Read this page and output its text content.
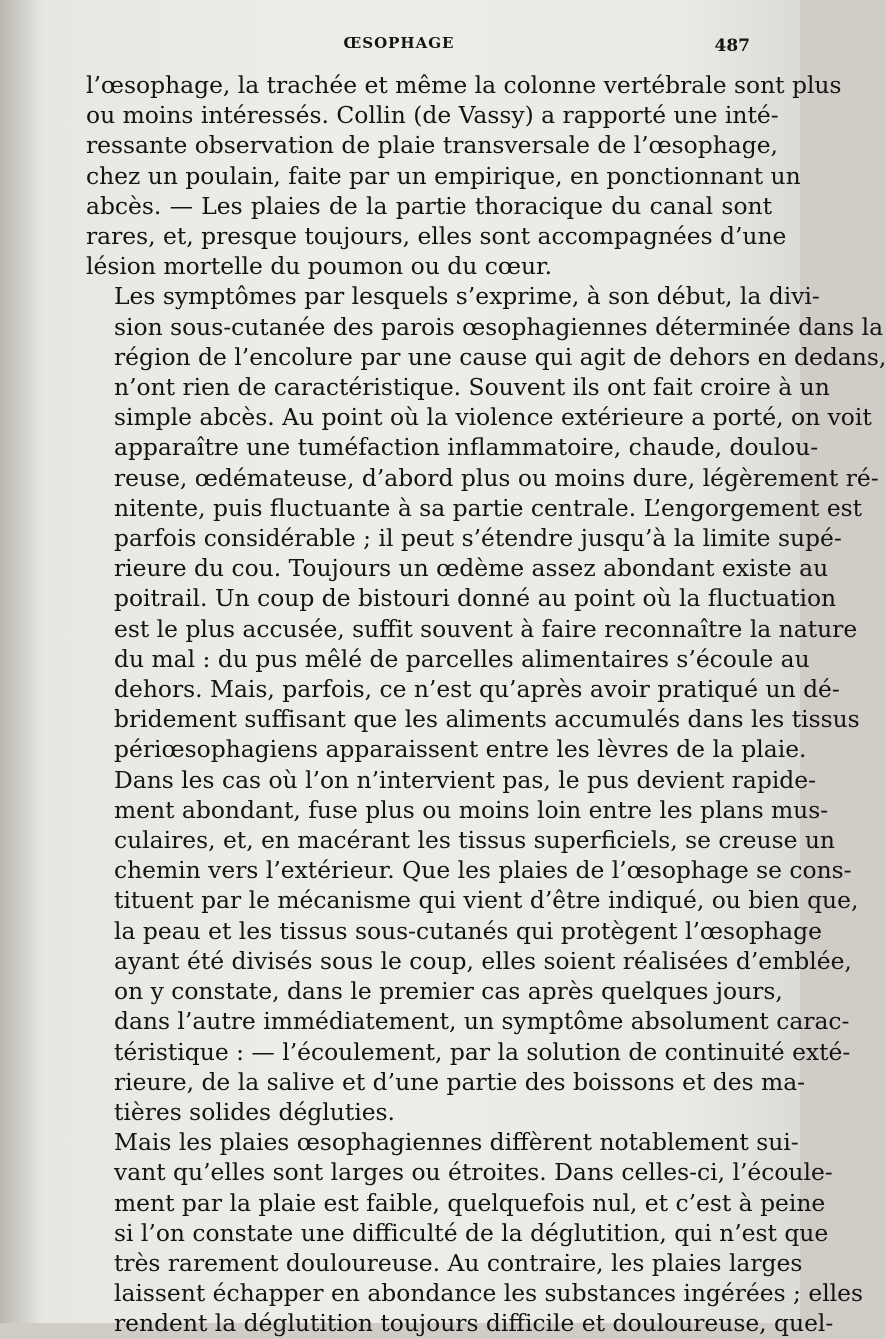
ŒSOPHAGE	487
l’œsophage, la trachée et même la colonne vertébrale sont plus
ou moins intéressés. Collin (de Vassy) a rapporté une inté-
ressante observation de plaie transversale de l’œsophage,
chez un poulain, faite par un empirique, en ponctionnant un
abcès. — Les plaies de la partie thoracique du canal sont
rares, et, presque toujours, elles sont accompagnées d’une
lésion mortelle du poumon ou du cœur.
Les symptômes par lesquels s’exprime, à son début, la divi-
sion sous-cutanée des parois œsophagiennes déterminée dans la
région de l’encolure par une cause qui agit de dehors en dedans,
n’ont rien de caractéristique. Souvent ils ont fait croire à un
simple abcès. Au point où la violence extérieure a porté, on voit
apparaître une tuméfaction inflammatoire, chaude, doulou-
reuse, œdémateuse, d’abord plus ou moins dure, légèrement ré-
nitente, puis fluctuante à sa partie centrale. L’engorgement est
parfois considérable ; il peut s’étendre jusqu’à la limite supé-
rieure du cou. Toujours un œdème assez abondant existe au
poitrail. Un coup de bistouri donné au point où la fluctuation
est le plus accusée, suffit souvent à faire reconnaître la nature
du mal : du pus mêlé de parcelles alimentaires s’écoule au
dehors. Mais, parfois, ce n’est qu’après avoir pratiqué un dé-
bridement suffisant que les aliments accumulés dans les tissus
périœsophagiens apparaissent entre les lèvres de la plaie.
Dans les cas où l’on n’intervient pas, le pus devient rapide-
ment abondant, fuse plus ou moins loin entre les plans mus-
culaires, et, en macérant les tissus superficiels, se creuse un
chemin vers l’extérieur. Que les plaies de l’œsophage se cons-
tituent par le mécanisme qui vient d’être indiqué, ou bien que,
la peau et les tissus sous-cutanés qui protègent l’œsophage
ayant été divisés sous le coup, elles soient réalisées d’emblée,
on y constate, dans le premier cas après quelques jours,
dans l’autre immédiatement, un symptôme absolument carac-
téristique : — l’écoulement, par la solution de continuité exté-
rieure, de la salive et d’une partie des boissons et des ma-
tières solides dégluties.
Mais les plaies œsophagiennes diffèrent notablement sui-
vant qu’elles sont larges ou étroites. Dans celles-ci, l’écoule-
ment par la plaie est faible, quelquefois nul, et c’est à peine
si l’on constate une difficulté de la déglutition, qui n’est que
très rarement douloureuse. Au contraire, les plaies larges
laissent échapper en abondance les substances ingérées ; elles
rendent la déglutition toujours difficile et douloureuse, quel-
